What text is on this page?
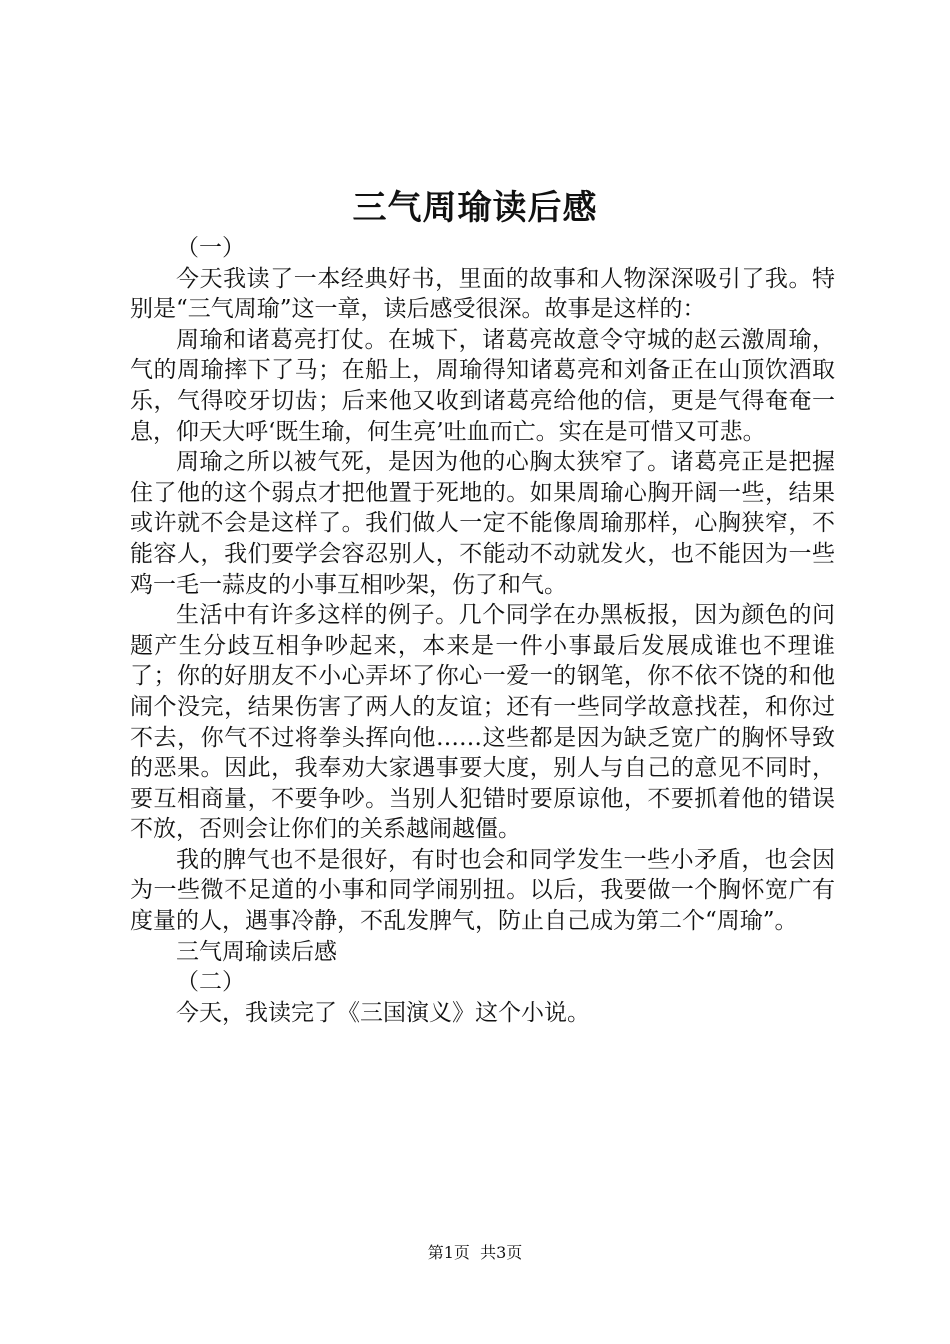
三气周瑜读后感

（一）

今天我读了一本经典好书，里面的故事和人物深深吸引了我。特别是“三气周瑜”这一章，读后感受很深。故事是这样的：

周瑜和诸葛亮打仗。在城下，诸葛亮故意令守城的赵云激周瑜，气的周瑜摔下了马；在船上，周瑜得知诸葛亮和刘备正在山顶饮酒取乐，气得咬牙切齿；后来他又收到诸葛亮给他的信，更是气得奄奄一息，仰天大呼‘既生瑜，何生亮’吐血而亡。实在是可惜又可悲。

周瑜之所以被气死，是因为他的心胸太狭窄了。诸葛亮正是把握住了他的这个弱点才把他置于死地的。如果周瑜心胸开阔一些，结果或许就不会是这样了。我们做人一定不能像周瑜那样，心胸狭窄，不能容人，我们要学会容忍别人，不能动不动就发火，也不能因为一些鸡一毛一蒜皮的小事互相吵架，伤了和气。

生活中有许多这样的例子。几个同学在办黑板报，因为颜色的问题产生分歧互相争吵起来，本来是一件小事最后发展成谁也不理谁了；你的好朋友不小心弄坏了你心一爱一的钢笔，你不依不饶的和他闹个没完，结果伤害了两人的友谊；还有一些同学故意找茬，和你过不去，你气不过将拳头挥向他……这些都是因为缺乏宽广的胸怀导致的恶果。因此，我奉劝大家遇事要大度，别人与自己的意见不同时，要互相商量，不要争吵。当别人犯错时要原谅他，不要抓着他的错误不放，否则会让你们的关系越闹越僵。

我的脾气也不是很好，有时也会和同学发生一些小矛盾，也会因为一些微不足道的小事和同学闹别扭。以后，我要做一个胸怀宽广有度量的人，遇事冷静，不乱发脾气，防止自己成为第二个“周瑜”。

三气周瑜读后感

（二）

今天，我读完了《三国演义》这个小说。

第1页 共3页
